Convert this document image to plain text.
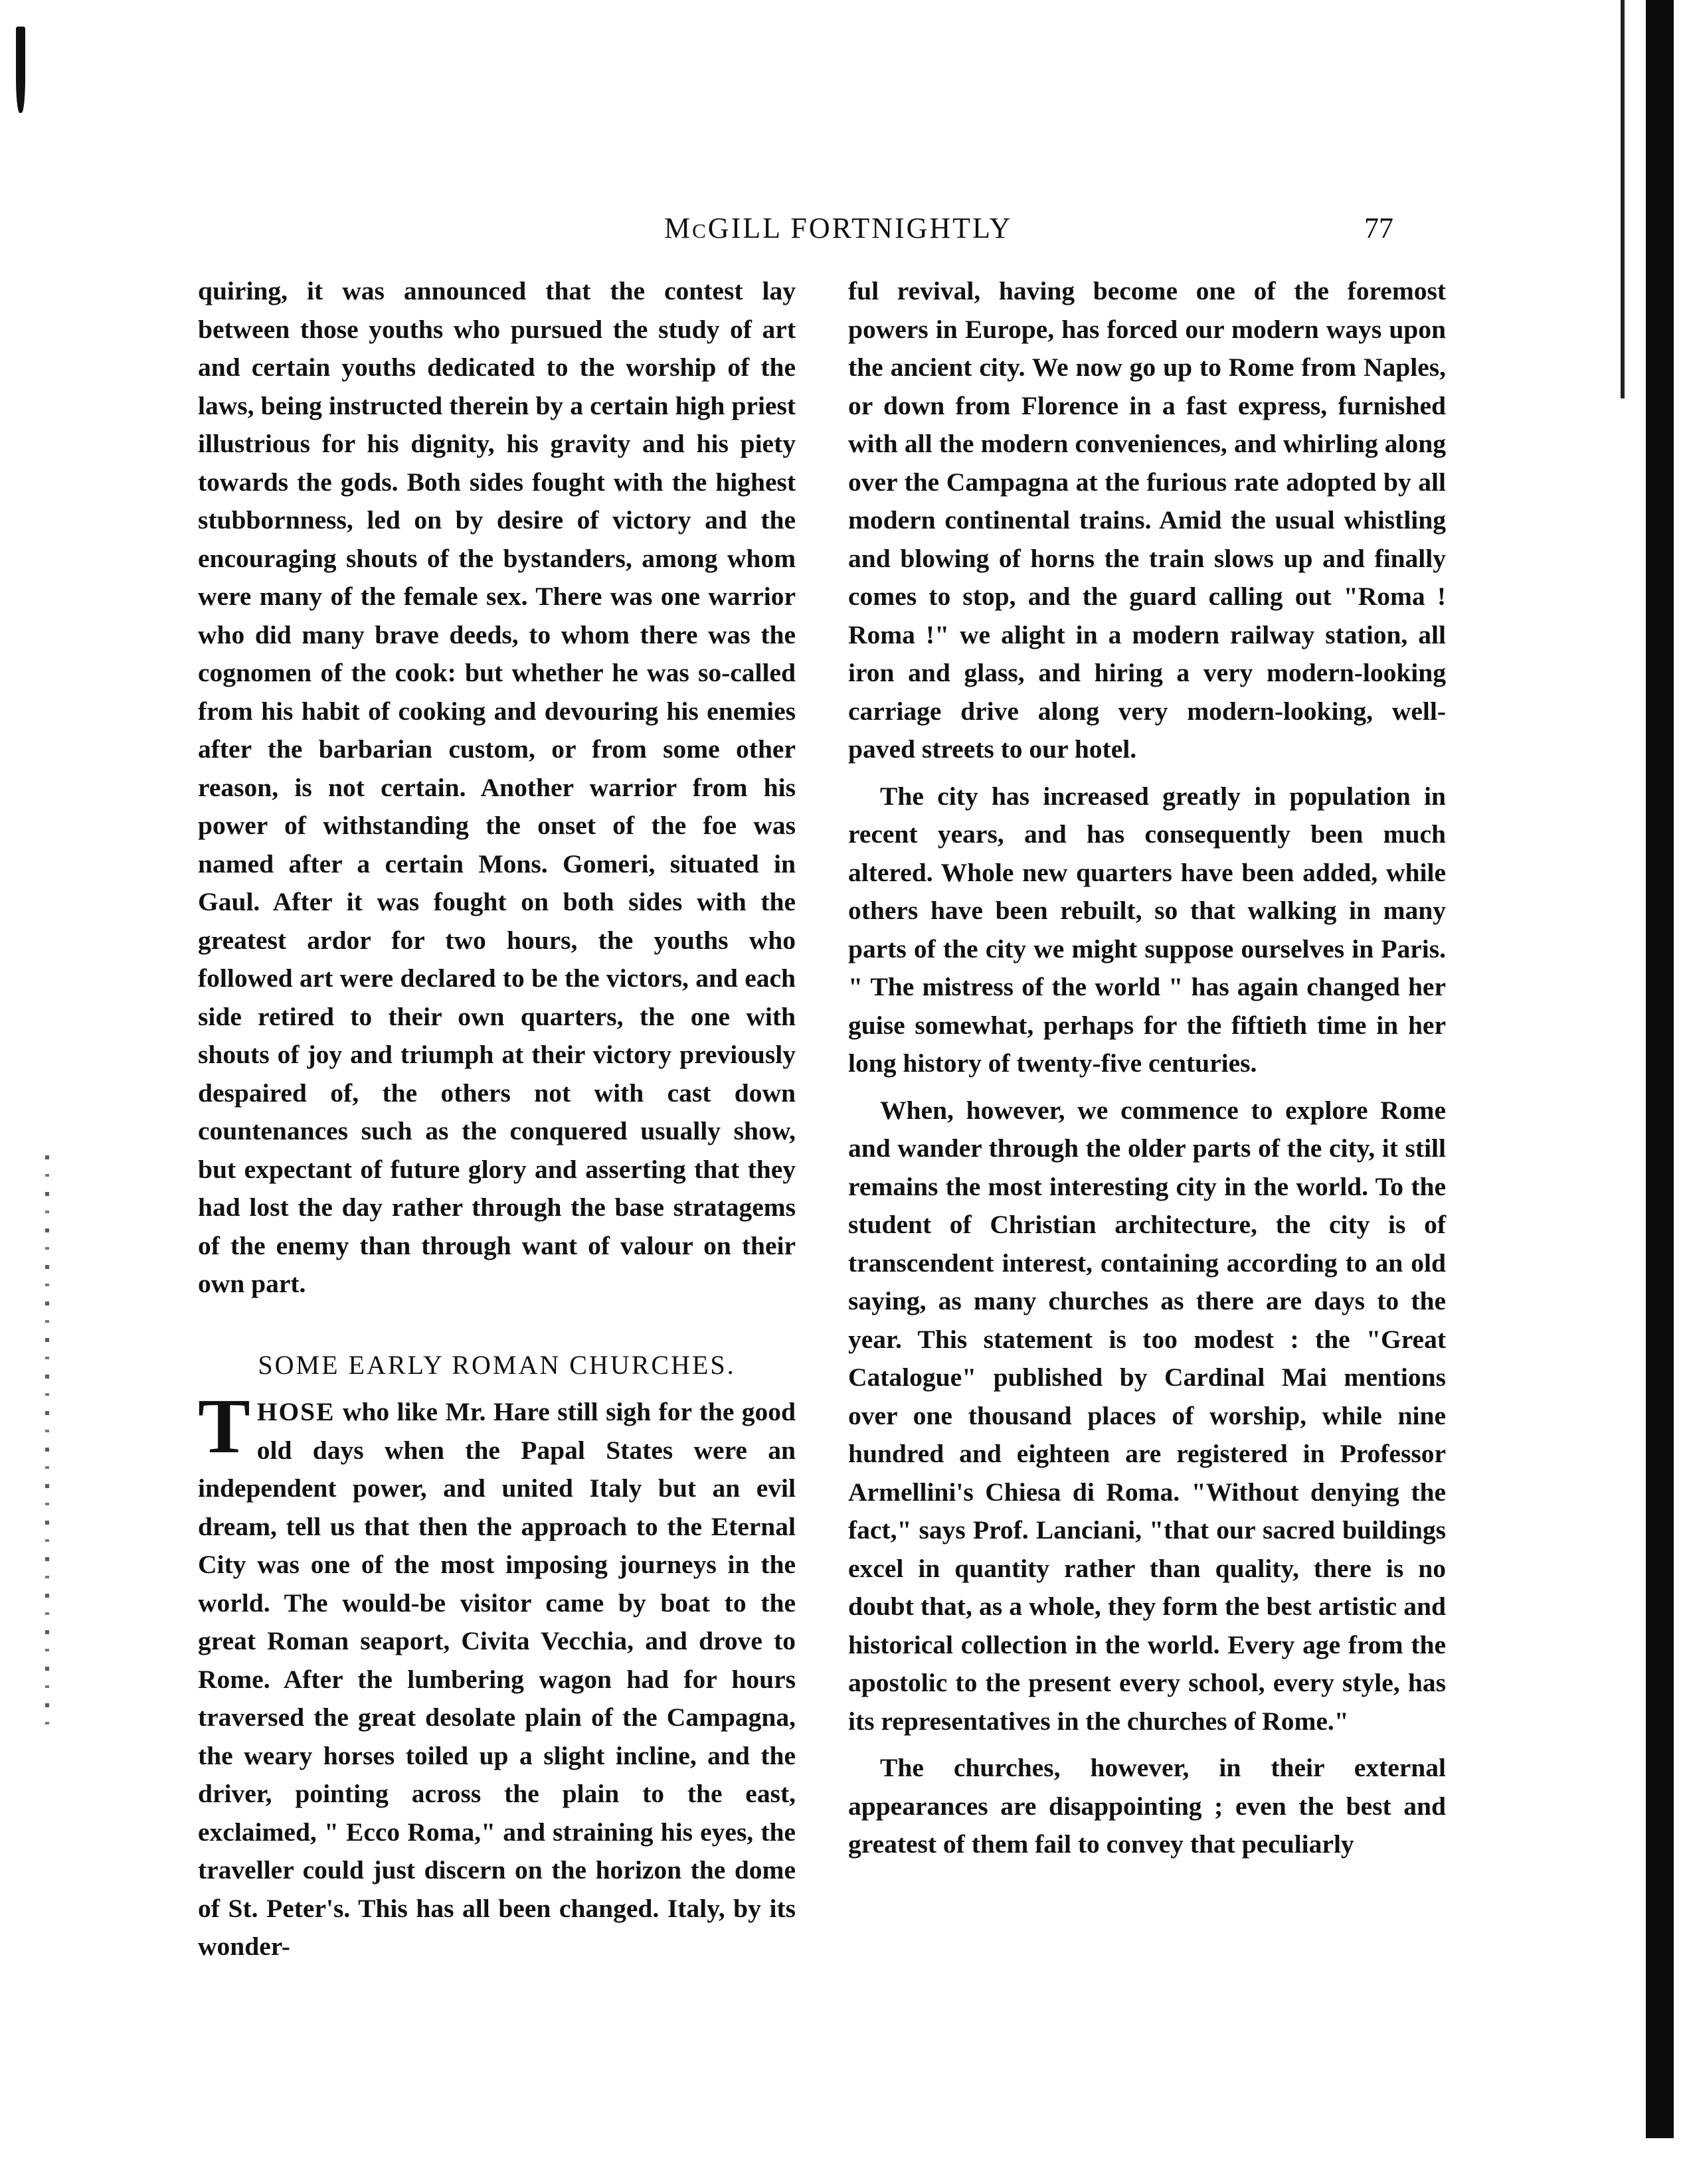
McGILL FORTNIGHTLY	77

quiring, it was announced that the contest lay between those youths who pursued the study of art and certain youths dedicated to the worship of the laws, being instructed therein by a certain high priest illustrious for his dignity, his gravity and his piety towards the gods. Both sides fought with the highest stubbornness, led on by desire of victory and the encouraging shouts of the bystanders, among whom were many of the female sex. There was one warrior who did many brave deeds, to whom there was the cognomen of the cook: but whether he was so-called from his habit of cooking and devouring his enemies after the barbarian custom, or from some other reason, is not certain. Another warrior from his power of withstanding the onset of the foe was named after a certain Mons. Gomeri, situated in Gaul. After it was fought on both sides with the greatest ardor for two hours, the youths who followed art were declared to be the victors, and each side retired to their own quarters, the one with shouts of joy and triumph at their victory previously despaired of, the others not with cast down countenances such as the conquered usually show, but expectant of future glory and asserting that they had lost the day rather through the base stratagems of the enemy than through want of valour on their own part.

SOME EARLY ROMAN CHURCHES.

THOSE who like Mr. Hare still sigh for the good old days when the Papal States were an independent power, and united Italy but an evil dream, tell us that then the approach to the Eternal City was one of the most imposing journeys in the world. The would-be visitor came by boat to the great Roman seaport, Civita Vecchia, and drove to Rome. After the lumbering wagon had for hours traversed the great desolate plain of the Campagna, the weary horses toiled up a slight incline, and the driver, pointing across the plain to the east, exclaimed, " Ecco Roma," and straining his eyes, the traveller could just discern on the horizon the dome of St. Peter's. This has all been changed. Italy, by its wonder-

ful revival, having become one of the foremost powers in Europe, has forced our modern ways upon the ancient city. We now go up to Rome from Naples, or down from Florence in a fast express, furnished with all the modern conveniences, and whirling along over the Campagna at the furious rate adopted by all modern continental trains. Amid the usual whistling and blowing of horns the train slows up and finally comes to stop, and the guard calling out "Roma ! Roma !" we alight in a modern railway station, all iron and glass, and hiring a very modern-looking carriage drive along very modern-looking, well-paved streets to our hotel.

The city has increased greatly in population in recent years, and has consequently been much altered. Whole new quarters have been added, while others have been rebuilt, so that walking in many parts of the city we might suppose ourselves in Paris. " The mistress of the world " has again changed her guise somewhat, perhaps for the fiftieth time in her long history of twenty-five centuries.

When, however, we commence to explore Rome and wander through the older parts of the city, it still remains the most interesting city in the world. To the student of Christian architecture, the city is of transcendent interest, containing according to an old saying, as many churches as there are days to the year. This statement is too modest : the "Great Catalogue" published by Cardinal Mai mentions over one thousand places of worship, while nine hundred and eighteen are registered in Professor Armellini's Chiesa di Roma. "Without denying the fact," says Prof. Lanciani, "that our sacred buildings excel in quantity rather than quality, there is no doubt that, as a whole, they form the best artistic and historical collection in the world. Every age from the apostolic to the present every school, every style, has its representatives in the churches of Rome."

The churches, however, in their external appearances are disappointing ; even the best and greatest of them fail to convey that peculiarly
